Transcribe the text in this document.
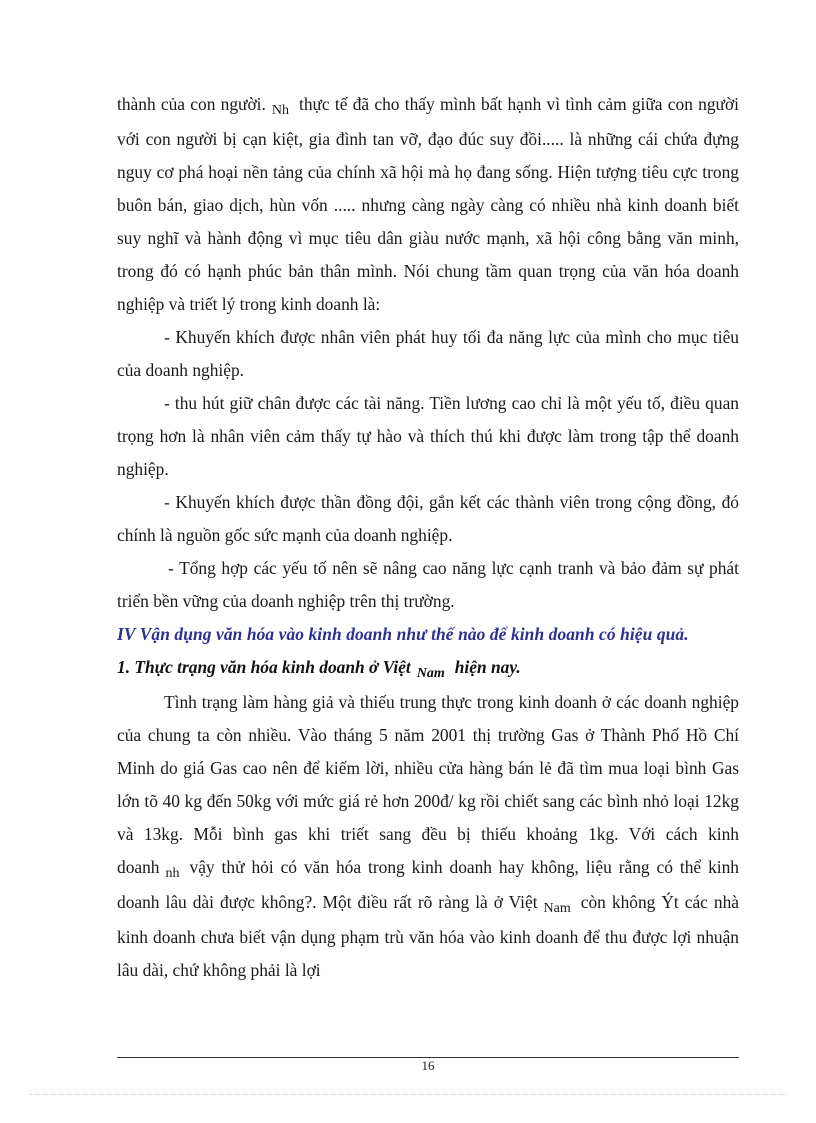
thành của con người. $_{Nh}$ thực tế đã cho thấy mình bất hạnh vì tình cảm giữa con người với con người bị cạn kiệt, gia đình tan vỡ, đạo đúc suy đồi..... là những cái chứa đựng nguy cơ phá hoại nền tảng của chính xã hội mà họ đang sống. Hiện tượng tiêu cực trong buôn bán, giao dịch, hùn vốn ..... nhưng càng ngày càng có nhiều nhà kinh doanh biết suy nghĩ và hành động vì mục tiêu dân giàu nước mạnh, xã hội công bằng văn minh, trong đó có hạnh phúc bản thân mình. Nói chung tầm quan trọng của văn hóa doanh nghiệp và triết lý trong kinh doanh là:

- Khuyến khích được nhân viên phát huy tối đa năng lực của mình cho mục tiêu của doanh nghiệp.

- thu hút giữ chân được các tài năng. Tiền lương cao chỉ là một yếu tố, điều quan trọng hơn là nhân viên cảm thấy tự hào và thích thú khi được làm trong tập thể doanh nghiệp.

- Khuyến khích được thần đồng đội, gắn kết các thành viên trong cộng đồng, đó chính là nguồn gốc sức mạnh của doanh nghiệp.

- Tổng hợp các yếu tố nên sẽ nâng cao năng lực cạnh tranh và bảo đảm sự phát triển bền vững của doanh nghiệp trên thị trường.

IV Vận dụng văn hóa vào kinh doanh như thế nào để kinh doanh có hiệu quả.

1. Thực trạng văn hóa kinh doanh ở Việt $_{Nam}$ hiện nay.

Tình trạng làm hàng giả và thiếu trung thực trong kinh doanh ở các doanh nghiệp của chung ta còn nhiều. Vào tháng 5 năm 2001 thị trường Gas ở Thành Phố Hồ Chí Minh do giá Gas cao nên để kiếm lời, nhiều cửa hàng bán lẻ đã tìm mua loại bình Gas lớn tõ 40 kg đến 50kg với mức giá rẻ hơn 200đ/ kg rồi chiết sang các bình nhỏ loại 12kg và 13kg. Mỗi bình gas khi triết sang đều bị thiếu khoảng 1kg. Với cách kinh doanh $_{nh}$ vậy thử hỏi có văn hóa trong kinh doanh hay không, liệu rằng có thể kinh doanh lâu dài được không?. Một điều rất rõ ràng là ở Việt $_{Nam}$ còn không Ýt các nhà kinh doanh chưa biết vận dụng phạm trù văn hóa vào kinh doanh để thu được lợi nhuận lâu dài, chứ không phải là lợi

16
